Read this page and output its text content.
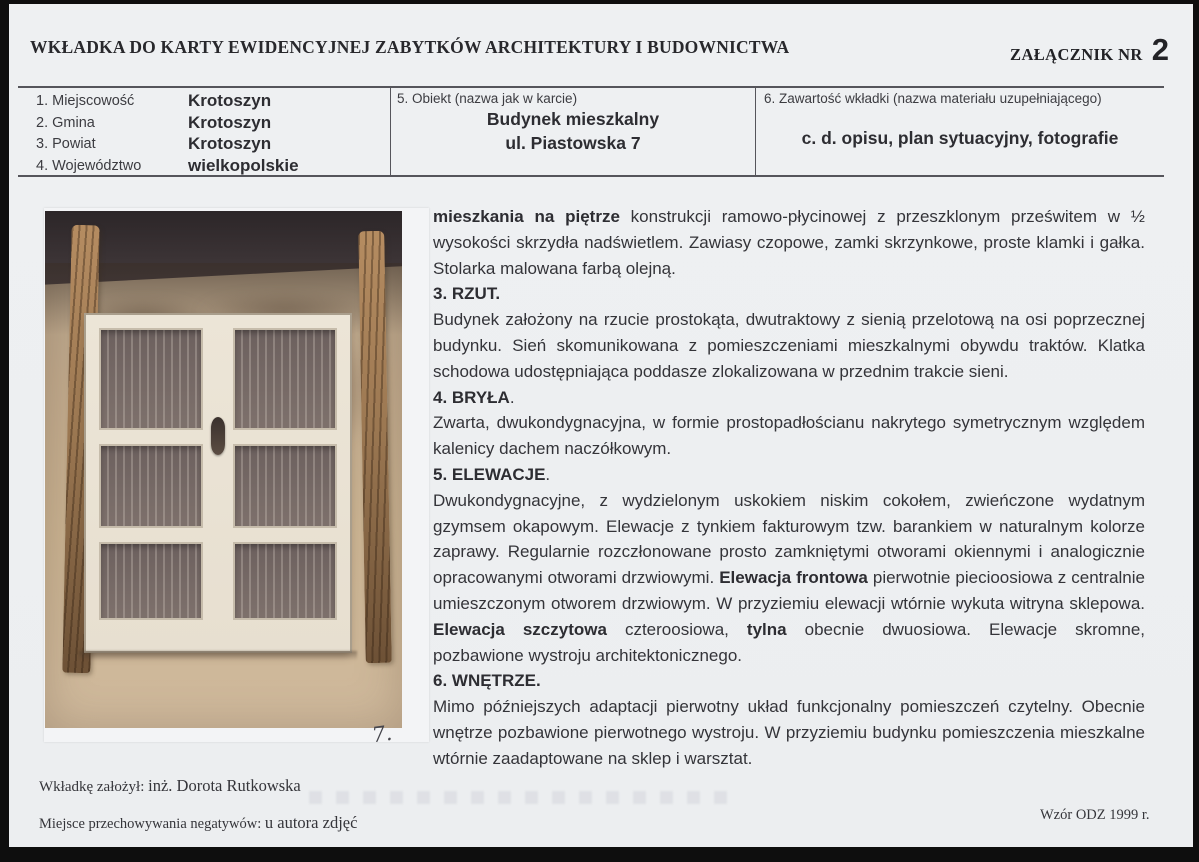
WKŁADKA DO KARTY EWIDENCYJNEJ ZABYTKÓW ARCHITEKTURY I BUDOWNICTWA	ZAŁĄCZNIK NR 2
1. Miejscowość	Krotoszyn
2. Gmina	Krotoszyn
3. Powiat	Krotoszyn
4. Województwo	wielkopolskie
5. Obiekt (nazwa jak w karcie)
Budynek mieszkalny
ul. Piastowska 7
6. Zawartość wkładki (nazwa materiału uzupełniającego)
c. d. opisu, plan sytuacyjny, fotografie
7.

mieszkania na piętrze konstrukcji ramowo-płycinowej z przeszklonym prześwitem w ½ wysokości skrzydła nadświetlem. Zawiasy czopowe, zamki skrzynkowe, proste klamki i gałka. Stolarka malowana farbą olejną.

3. RZUT.

Budynek założony na rzucie prostokąta, dwutraktowy z sienią przelotową na osi poprzecznej budynku. Sień skomunikowana z pomieszczeniami mieszkalnymi obywdu traktów. Klatka schodowa udostępniająca poddasze zlokalizowana w przednim trakcie sieni.

4. BRYŁA.

Zwarta, dwukondygnacyjna, w formie prostopadłościanu nakrytego symetrycznym względem kalenicy dachem naczółkowym.

5. ELEWACJE.

Dwukondygnacyjne, z wydzielonym uskokiem niskim cokołem, zwieńczone wydatnym gzymsem okapowym. Elewacje z tynkiem fakturowym tzw. barankiem w naturalnym kolorze zaprawy. Regularnie rozczłonowane prosto zamkniętymi otworami okiennymi i analogicznie opracowanymi otworami drzwiowymi. Elewacja frontowa pierwotnie piecioosiowa z centralnie umieszczonym otworem drzwiowym. W przyziemiu elewacji wtórnie wykuta witryna sklepowa. Elewacja szczytowa czteroosiowa, tylna obecnie dwuosiowa. Elewacje skromne, pozbawione wystroju architektonicznego.

6. WNĘTRZE.

Mimo późniejszych adaptacji pierwotny układ funkcjonalny pomieszczeń czytelny. Obecnie wnętrze pozbawione pierwotnego wystroju. W przyziemiu budynku pomieszczenia mieszkalne wtórnie zaadaptowane na sklep i warsztat.

Wkładkę założył: inż. Dorota Rutkowska
Miejsce przechowywania negatywów: u autora zdjęć	Wzór ODZ 1999 r.
